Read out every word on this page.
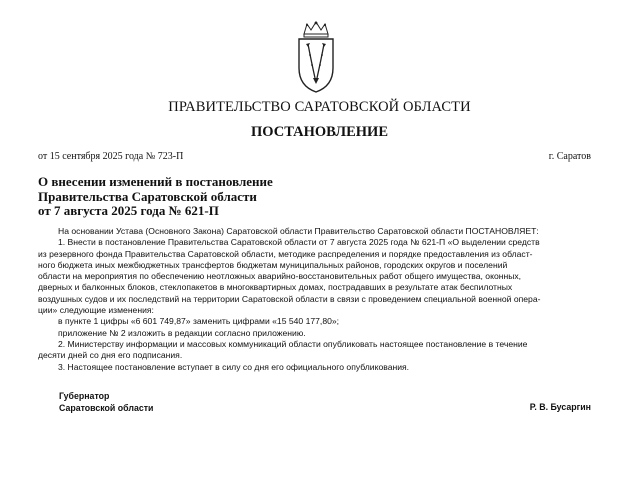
ПРАВИТЕЛЬСТВО САРАТОВСКОЙ ОБЛАСТИ
ПОСТАНОВЛЕНИЕ
от 15 сентября 2025 года № 723-П	г. Саратов
О внесении изменений в постановление
Правительства Саратовской области
от 7 августа 2025 года № 621-П
На основании Устава (Основного Закона) Саратовской области Правительство Саратовской области ПОСТАНОВЛЯЕТ:
1. Внести в постановление Правительства Саратовской области от 7 августа 2025 года № 621-П «О выделении средств
из резервного фонда Правительства Саратовской области, методике распределения и порядке предоставления из област-
ного бюджета иных межбюджетных трансфертов бюджетам муниципальных районов, городских округов и поселений
области на мероприятия по обеспечению неотложных аварийно-восстановительных работ общего имущества, оконных,
дверных и балконных блоков, стеклопакетов в многоквартирных домах, пострадавших в результате атак беспилотных
воздушных судов и их последствий на территории Саратовской области в связи с проведением специальной военной опера-
ции» следующие изменения:
в пункте 1 цифры «6 601 749,87» заменить цифрами «15 540 177,80»;
приложение № 2 изложить в редакции согласно приложению.
2. Министерству информации и массовых коммуникаций области опубликовать настоящее постановление в течение
десяти дней со дня его подписания.
3. Настоящее постановление вступает в силу со дня его официального опубликования.
Губернатор
Саратовской области	Р. В. Бусаргин
